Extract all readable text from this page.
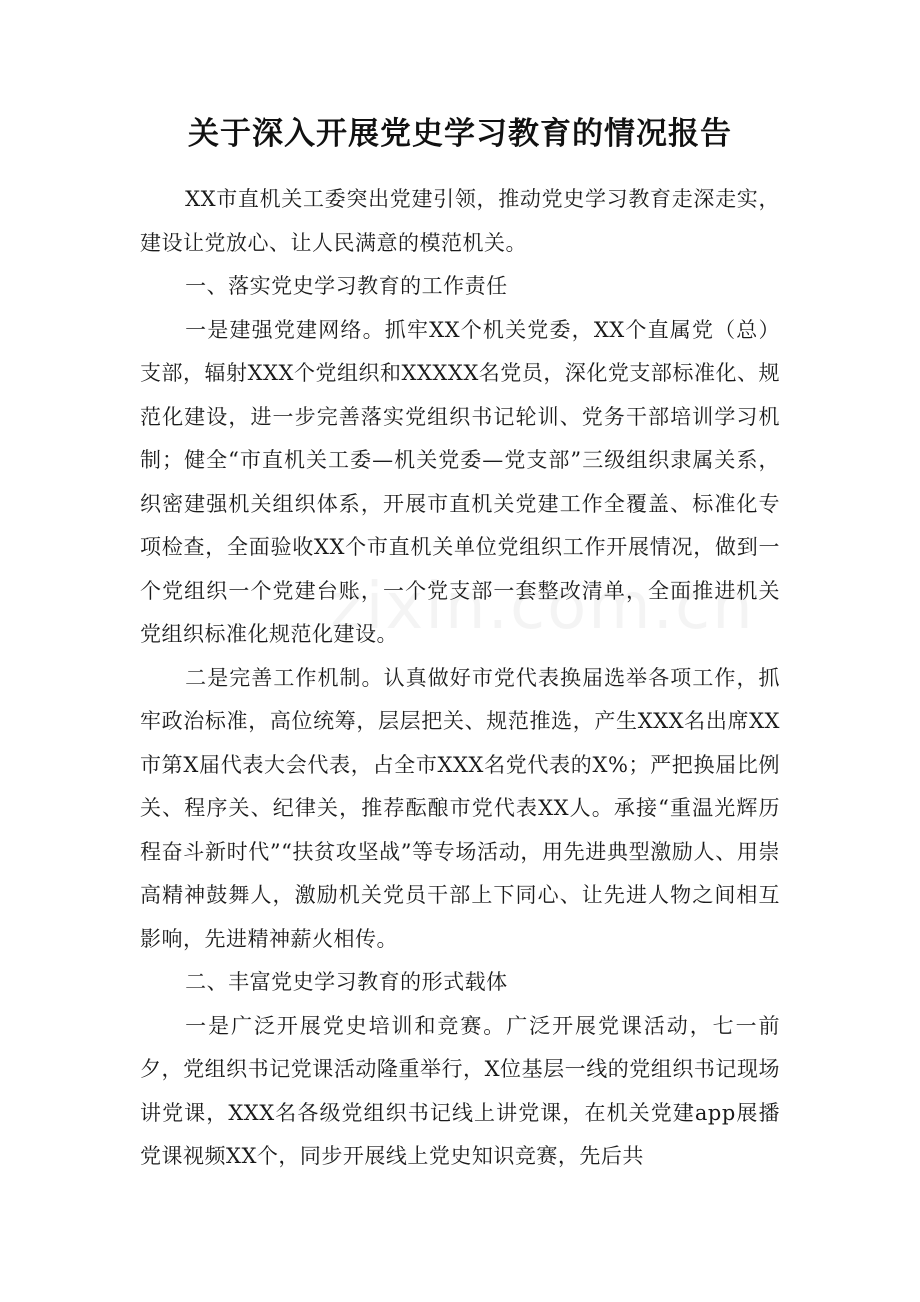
关于深入开展党史学习教育的情况报告

XX市直机关工委突出党建引领，推动党史学习教育走深走实，建设让党放心、让人民满意的模范机关。

一、落实党史学习教育的工作责任

一是建强党建网络。抓牢XX个机关党委，XX个直属党（总）支部，辐射XXX个党组织和XXXXX名党员，深化党支部标准化、规范化建设，进一步完善落实党组织书记轮训、党务干部培训学习机制；健全“市直机关工委—机关党委—党支部”三级组织隶属关系，织密建强机关组织体系，开展市直机关党建工作全覆盖、标准化专项检查，全面验收XX个市直机关单位党组织工作开展情况，做到一个党组织一个党建台账，一个党支部一套整改清单，全面推进机关党组织标准化规范化建设。

二是完善工作机制。认真做好市党代表换届选举各项工作，抓牢政治标准，高位统筹，层层把关、规范推选，产生XXX名出席XX市第X届代表大会代表，占全市XXX名党代表的X%；严把换届比例关、程序关、纪律关，推荐酝酿市党代表XX人。承接“重温光辉历程奋斗新时代”“扶贫攻坚战”等专场活动，用先进典型激励人、用崇高精神鼓舞人，激励机关党员干部上下同心、让先进人物之间相互影响，先进精神薪火相传。

二、丰富党史学习教育的形式载体

一是广泛开展党史培训和竞赛。广泛开展党课活动，七一前夕，党组织书记党课活动隆重举行，X位基层一线的党组织书记现场讲党课，XXX名各级党组织书记线上讲党课，在机关党建app展播党课视频XX个，同步开展线上党史知识竞赛，先后共
